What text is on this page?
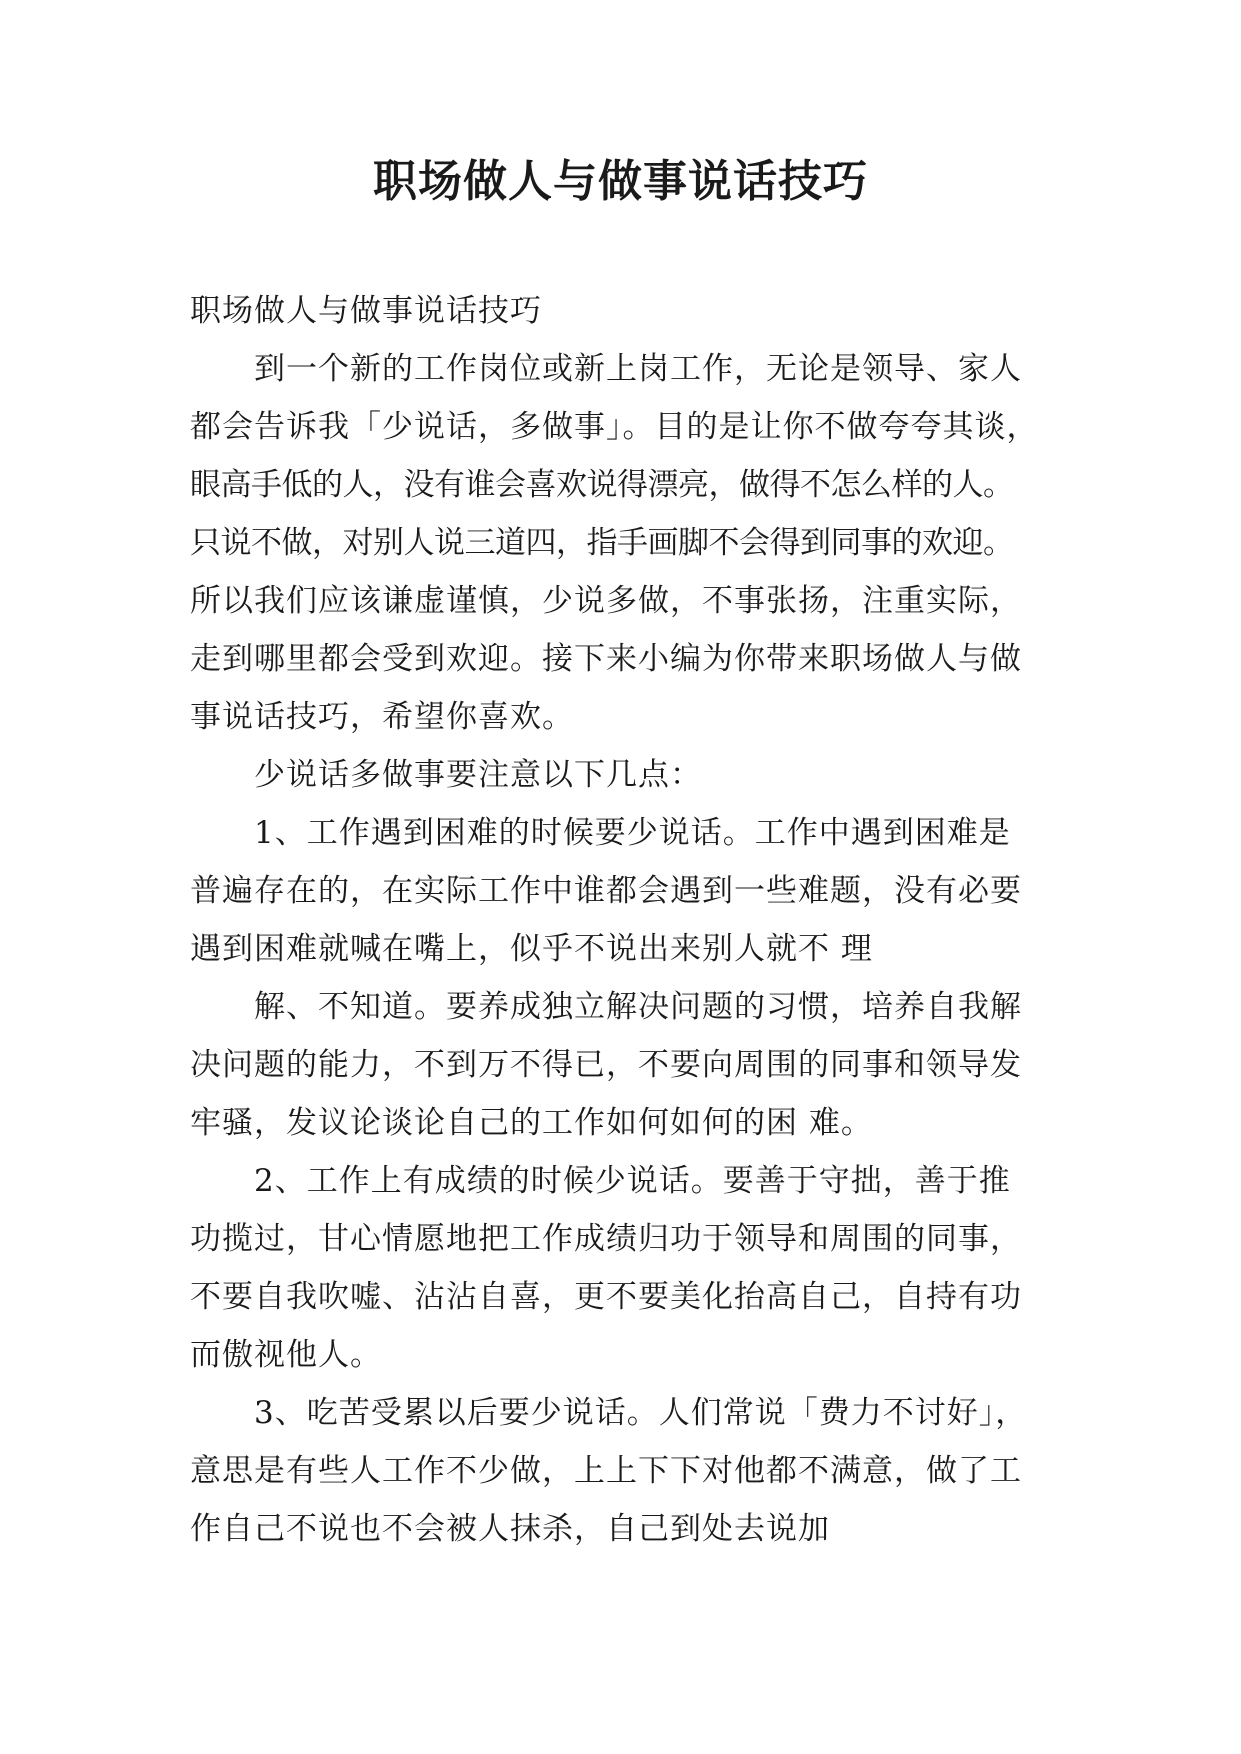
职场做人与做事说话技巧

职场做人与做事说话技巧

到一个新的工作岗位或新上岗工作，无论是领导、家人

都会告诉我「少说话，多做事」。目的是让你不做夸夸其谈，

眼高手低的人，没有谁会喜欢说得漂亮，做得不怎么样的人。

只说不做，对别人说三道四，指手画脚不会得到同事的欢迎。

所以我们应该谦虚谨慎，少说多做，不事张扬，注重实际，

走到哪里都会受到欢迎。接下来小编为你带来职场做人与做

事说话技巧，希望你喜欢。

少说话多做事要注意以下几点：

1、工作遇到困难的时候要少说话。工作中遇到困难是

普遍存在的，在实际工作中谁都会遇到一些难题，没有必要

遇到困难就喊在嘴上，似乎不说出来别人就不 理

解、不知道。要养成独立解决问题的习惯，培养自我解

决问题的能力，不到万不得已，不要向周围的同事和领导发

牢骚，发议论谈论自己的工作如何如何的困 难。

2、工作上有成绩的时候少说话。要善于守拙，善于推

功揽过，甘心情愿地把工作成绩归功于领导和周围的同事，

不要自我吹嘘、沾沾自喜，更不要美化抬高自己，自持有功

而傲视他人。

3、吃苦受累以后要少说话。人们常说「费力不讨好」，

意思是有些人工作不少做，上上下下对他都不满意，做了工

作自己不说也不会被人抹杀，自己到处去说加
